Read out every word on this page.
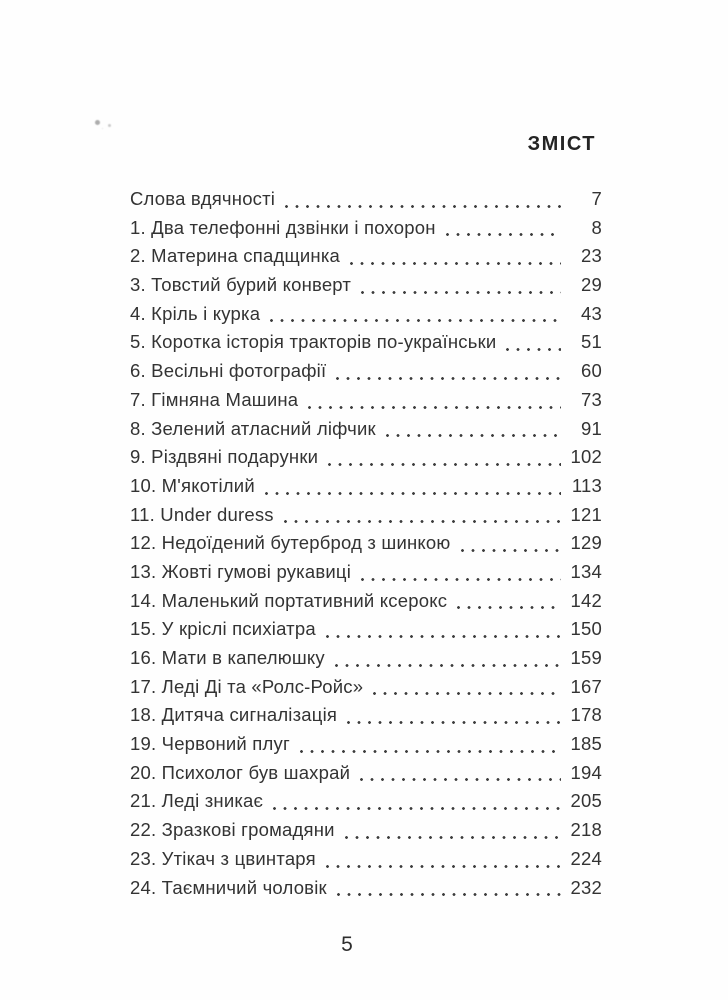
ЗМІСТ
Слова вдячності	7
1. Два телефонні дзвінки і похорон	8
2. Материна спадщинка	23
3. Товстий бурий конверт	29
4. Кріль і курка	43
5. Коротка історія тракторів по-українськи	51
6. Весільні фотографії	60
7. Гімняна Машина	73
8. Зелений атласний ліфчик	91
9. Різдвяні подарунки	102
10. М'якотілий	113
11. Under duress	121
12. Недоїдений бутерброд з шинкою	129
13. Жовті гумові рукавиці	134
14. Маленький портативний ксерокс	142
15. У кріслі психіатра	150
16. Мати в капелюшку	159
17. Леді Ді та «Ролс-Ройс»	167
18. Дитяча сигналізація	178
19. Червоний плуг	185
20. Психолог був шахрай	194
21. Леді зникає	205
22. Зразкові громадяни	218
23. Утікач з цвинтаря	224
24. Таємничий чоловік	232
5
